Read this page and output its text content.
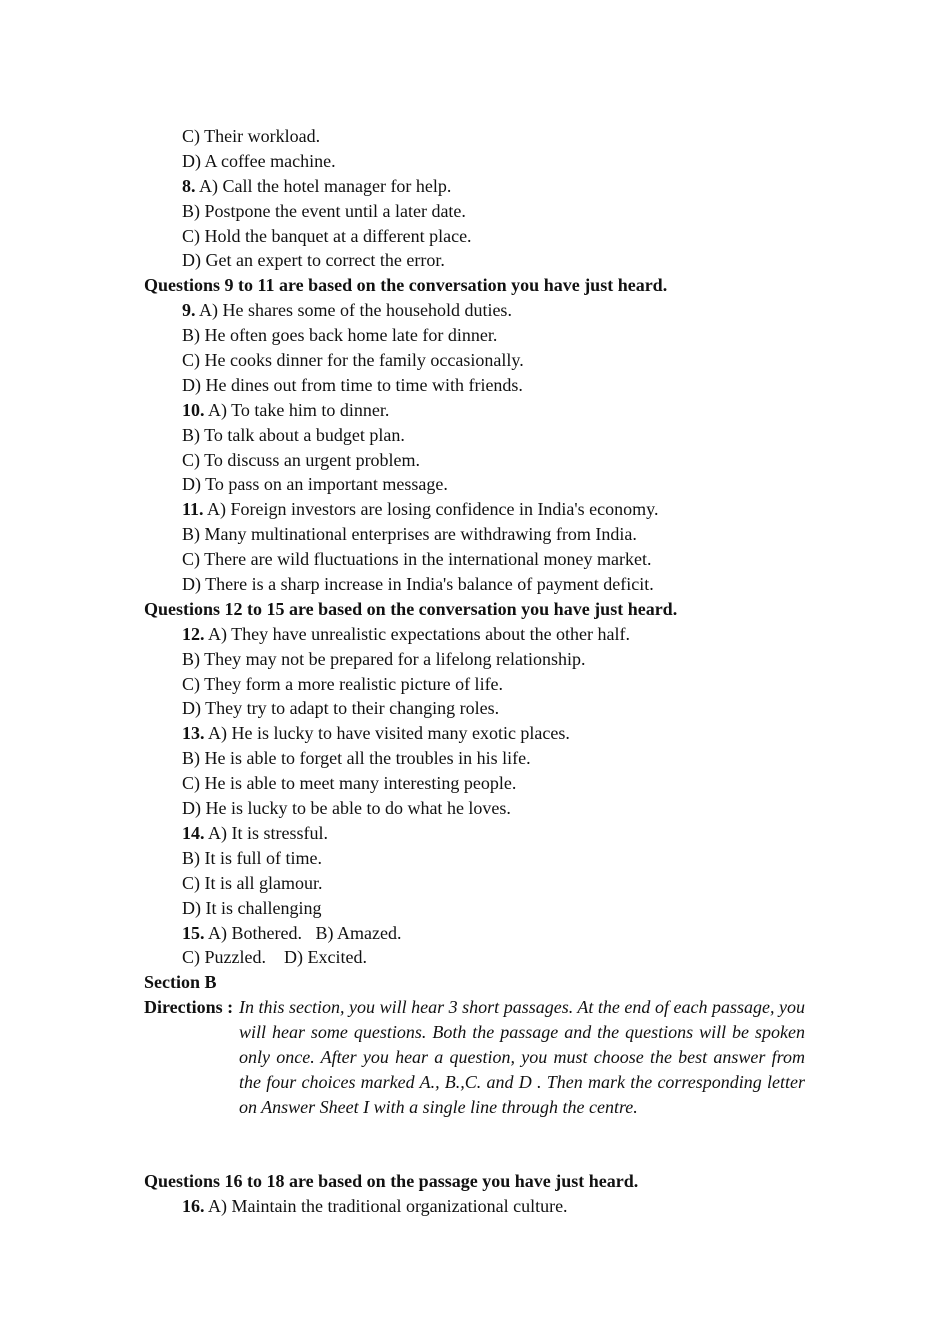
C) Their workload.
D) A coffee machine.
8. A) Call the hotel manager for help.
B) Postpone the event until a later date.
C) Hold the banquet at a different place.
D) Get an expert to correct the error.
Questions 9 to 11 are based on the conversation you have just heard.
9. A) He shares some of the household duties.
B) He often goes back home late for dinner.
C) He cooks dinner for the family occasionally.
D) He dines out from time to time with friends.
10. A) To take him to dinner.
B) To talk about a budget plan.
C) To discuss an urgent problem.
D) To pass on an important message.
11. A) Foreign investors are losing confidence in India's economy.
B) Many multinational enterprises are withdrawing from India.
C) There are wild fluctuations in the international money market.
D) There is a sharp increase in India's balance of payment deficit.
Questions 12 to 15 are based on the conversation you have just heard.
12. A) They have unrealistic expectations about the other half.
B) They may not be prepared for a lifelong relationship.
C) They form a more realistic picture of life.
D) They try to adapt to their changing roles.
13. A) He is lucky to have visited many exotic places.
B) He is able to forget all the troubles in his life.
C) He is able to meet many interesting people.
D) He is lucky to be able to do what he loves.
14. A) It is stressful.
B) It is full of time.
C) It is all glamour.
D) It is challenging
15. A) Bothered.   B) Amazed.
C) Puzzled.    D) Excited.
Section B
Directions : In this section, you will hear 3 short passages. At the end of each passage, you will hear some questions. Both the passage and the questions will be spoken only once. After you hear a question, you must choose the best answer from the four choices marked A., B.,C. and D . Then mark the corresponding letter on Answer Sheet I with a single line through the centre.
Questions 16 to 18 are based on the passage you have just heard.
16. A) Maintain the traditional organizational culture.
